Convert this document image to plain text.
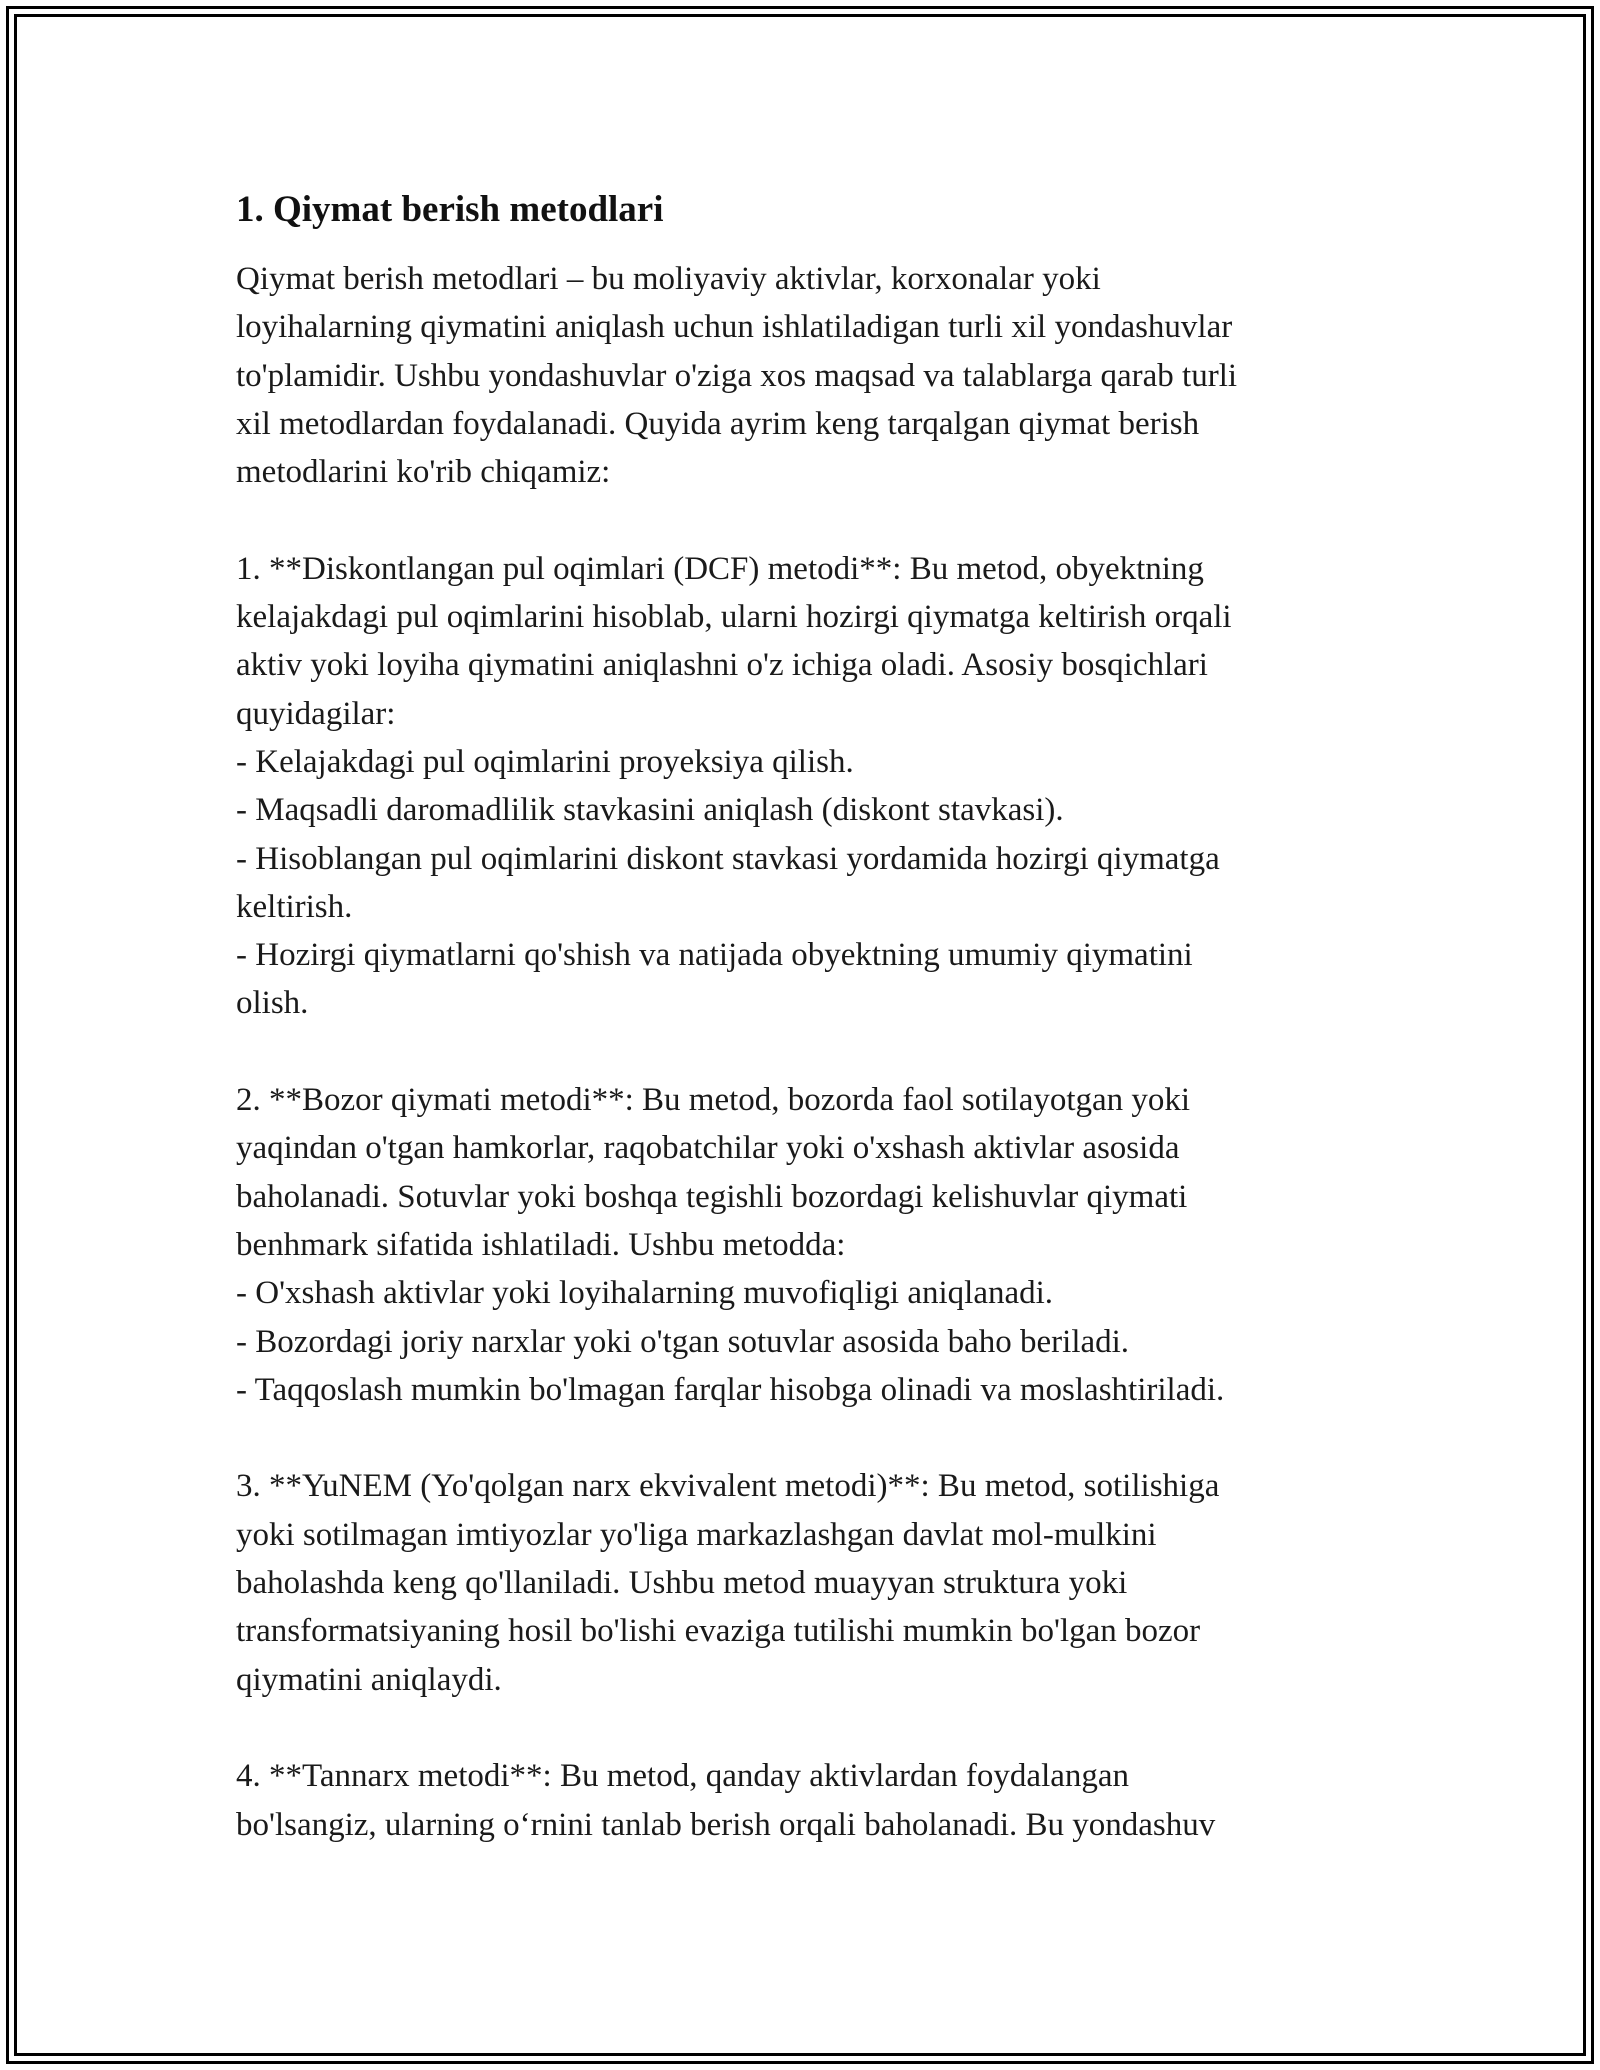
1. Qiymat berish metodlari

Qiymat berish metodlari – bu moliyaviy aktivlar, korxonalar yoki
loyihalarning qiymatini aniqlash uchun ishlatiladigan turli xil yondashuvlar
to'plamidir. Ushbu yondashuvlar o'ziga xos maqsad va talablarga qarab turli
xil metodlardan foydalanadi. Quyida ayrim keng tarqalgan qiymat berish
metodlarini ko'rib chiqamiz:

1. **Diskontlangan pul oqimlari (DCF) metodi**: Bu metod, obyektning
kelajakdagi pul oqimlarini hisoblab, ularni hozirgi qiymatga keltirish orqali
aktiv yoki loyiha qiymatini aniqlashni o'z ichiga oladi. Asosiy bosqichlari
quyidagilar:
- Kelajakdagi pul oqimlarini proyeksiya qilish.
- Maqsadli daromadlilik stavkasini aniqlash (diskont stavkasi).
- Hisoblangan pul oqimlarini diskont stavkasi yordamida hozirgi qiymatga
keltirish.
- Hozirgi qiymatlarni qo'shish va natijada obyektning umumiy qiymatini
olish.

2. **Bozor qiymati metodi**: Bu metod, bozorda faol sotilayotgan yoki
yaqindan o'tgan hamkorlar, raqobatchilar yoki o'xshash aktivlar asosida
baholanadi. Sotuvlar yoki boshqa tegishli bozordagi kelishuvlar qiymati
benhmark sifatida ishlatiladi. Ushbu metodda:
- O'xshash aktivlar yoki loyihalarning muvofiqligi aniqlanadi.
- Bozordagi joriy narxlar yoki o'tgan sotuvlar asosida baho beriladi.
- Taqqoslash mumkin bo'lmagan farqlar hisobga olinadi va moslashtiriladi.

3. **YuNEM (Yo'qolgan narx ekvivalent metodi)**: Bu metod, sotilishiga
yoki sotilmagan imtiyozlar yo'liga markazlashgan davlat mol-mulkini
baholashda keng qo'llaniladi. Ushbu metod muayyan struktura yoki
transformatsiyaning hosil bo'lishi evaziga tutilishi mumkin bo'lgan bozor
qiymatini aniqlaydi.

4. **Tannarx metodi**: Bu metod, qanday aktivlardan foydalangan
bo'lsangiz, ularning o‘rnini tanlab berish orqali baholanadi. Bu yondashuv
